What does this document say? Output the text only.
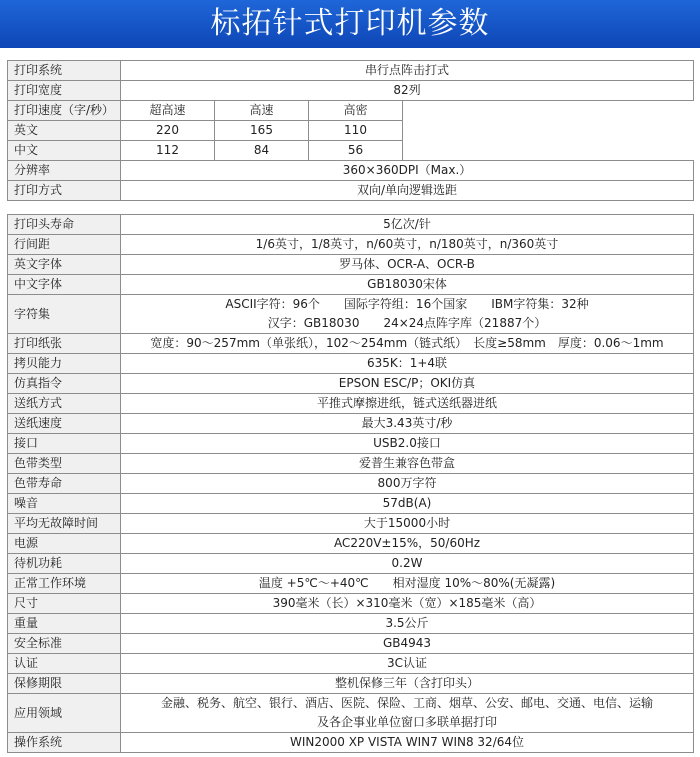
标拓针式打印机参数
打印系统	串行点阵击打式			
打印宽度	82列			
打印速度（字/秒）	超高速	高速	高密	
英文	220	165	110	
中文	112	84	56	
分辨率	360×360DPI（Max.）			
打印方式	双向/单向逻辑选距			
打印头寿命	5亿次/针
行间距	1/6英寸，1/8英寸，n/60英寸，n/180英寸，n/360英寸
英文字体	罗马体、OCR-A、OCR-B
中文字体	GB18030宋体
字符集	ASCII字符：96个　　国际字符组：16个国家　　IBM字符集：32种
汉字：GB18030　　24×24点阵字库（21887个）

打印纸张	宽度：90～257mm（单张纸），102～254mm（链式纸）　长度≥58mm　厚度：0.06～1mm
拷贝能力	635K：1+4联
仿真指令	EPSON ESC/P；OKI仿真
送纸方式	平推式摩擦进纸，链式送纸器进纸
送纸速度	最大3.43英寸/秒
接口	USB2.0接口
色带类型	爱普生兼容色带盒
色带寿命	800万字符
噪音	57dB(A)
平均无故障时间	大于15000小时
电源	AC220V±15%，50/60Hz
待机功耗	0.2W
正常工作环境	温度 +5℃～+40℃　　相对湿度 10%～80%(无凝露)
尺寸	390毫米（长）×310毫米（宽）×185毫米（高）
重量	3.5公斤
安全标准	GB4943
认证	3C认证
保修期限	整机保修三年（含打印头）
应用领域	金融、税务、航空、银行、酒店、医院、保险、工商、烟草、公安、邮电、交通、电信、运输
及各企事业单位窗口多联单据打印

操作系统	WIN2000 XP VISTA WIN7 WIN8 32/64位
